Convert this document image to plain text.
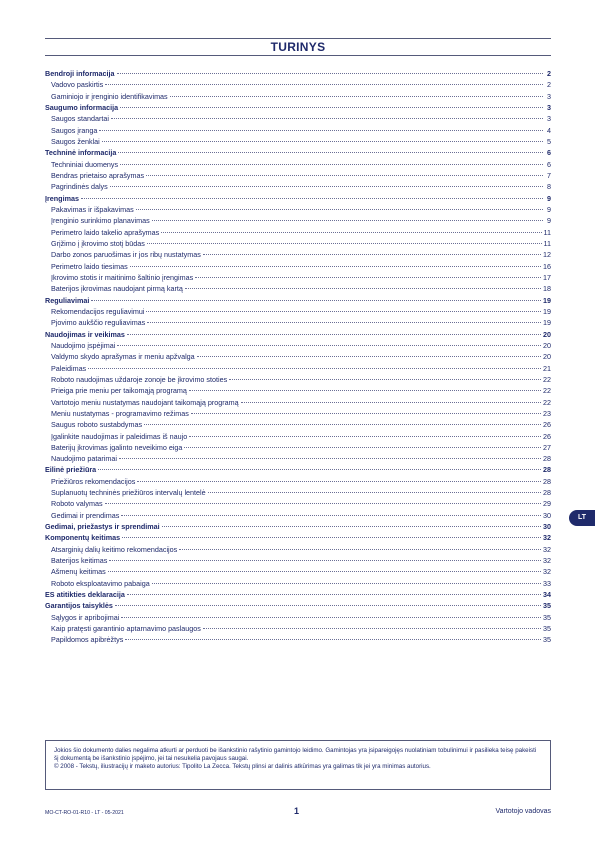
TURINYS
Bendroji informacija	2
Vadovo paskirtis	2
Gaminiojo ir įrenginio identifikavimas	3
Saugumo informacija	3
Saugos standartai	3
Saugos įranga	4
Saugos ženklai	5
Techninė informacija	6
Techniniai duomenys	6
Bendras prietaiso aprašymas	7
Pagrindinės dalys	8
Įrengimas	9
Pakavimas ir išpakavimas	9
Įrenginio surinkimo planavimas	9
Perimetro laido takelio aprašymas	11
Grįžimo į įkrovimo stotį būdas	11
Darbo zonos paruošimas ir jos ribų nustatymas	12
Perimetro laido tiesimas	16
Įkrovimo stotis ir maitinimo šaltinio įrengimas	17
Baterijos įkrovimas naudojant pirmą kartą	18
Reguliavimai	19
Rekomendacijos reguliavimui	19
Pjovimo aukščio reguliavimas	19
Naudojimas ir veikimas	20
Naudojimo įspėjimai	20
Valdymo skydo aprašymas ir meniu apžvalga	20
Paleidimas	21
Roboto naudojimas uždaroje zonoje be įkrovimo stoties	22
Prieiga prie meniu per taikomąją programą	22
Vartotojo meniu nustatymas naudojant taikomąją programą	22
Meniu nustatymas - programavimo režimas	23
Saugus roboto sustabdymas	26
Įgalinkite naudojimas ir paleidimas iš naujo	26
Baterijų įkrovimas įgalinto neveikimo eiga	27
Naudojimo patarimai	28
Eilinė priežiūra	28
Priežiūros rekomendacijos	28
Suplanuotų techninės priežiūros intervalų lentelė	28
Roboto valymas	29
Gedimai ir prendimas	30
Gedimai, priežastys ir sprendimai	30
Komponentų keitimas	32
Atsarginių dalių keitimo rekomendacijos	32
Baterijos keitimas	32
Ašmenų keitimas	32
Roboto eksploatavimo pabaiga	33
ES atitikties deklaracija	34
Garantijos taisyklės	35
Sąlygos ir apribojimai	35
Kaip pratęsti garantinio aptarnavimo paslaugos	35
Papildomos apibrėžtys	35
LT

Jokios šio dokumento dalies negalima atkurti ar perduoti be išankstinio rašytinio gamintojo leidimo. Gamintojas yra įsipareigojęs nuolatiniam tobulinimui ir pasilieka teisę pakeisti šį dokumentą be išankstinio įspėjimo, jei tai nesukelia pavojaus saugai.

© 2008 - Tekstų, iliustracijų ir maketo autorius: Tipolito La Zecca. Tekstų plinsi ar dalinis atkūrimas yra galimas tik jei yra minimas autorius.

MO-CT-RO-01-R10 - LT - 05-2021	1	Vartotojo vadovas
